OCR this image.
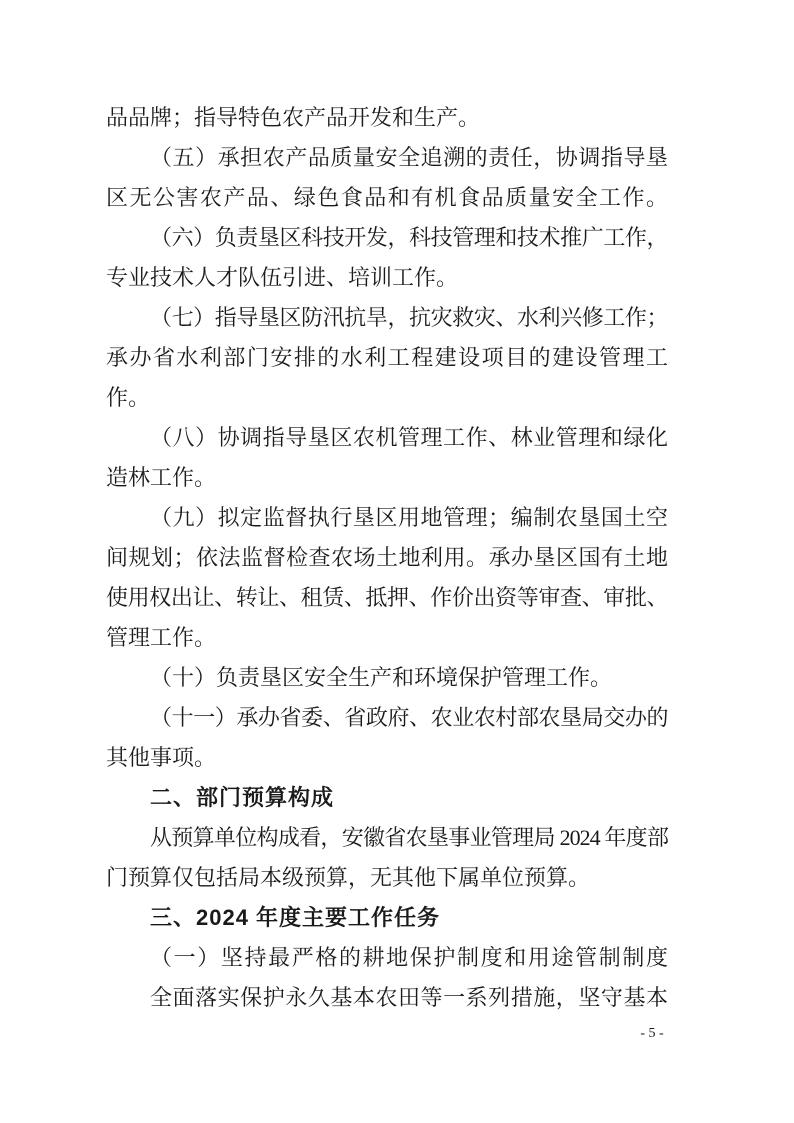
品品牌；指导特色农产品开发和生产。
（五）承担农产品质量安全追溯的责任，协调指导垦
区无公害农产品、绿色食品和有机食品质量安全工作。
（六）负责垦区科技开发，科技管理和技术推广工作，
专业技术人才队伍引进、培训工作。
（七）指导垦区防汛抗旱，抗灾救灾、水利兴修工作；
承办省水利部门安排的水利工程建设项目的建设管理工
作。
（八）协调指导垦区农机管理工作、林业管理和绿化
造林工作。
（九）拟定监督执行垦区用地管理；编制农垦国土空
间规划；依法监督检查农场土地利用。承办垦区国有土地
使用权出让、转让、租赁、抵押、作价出资等审查、审批、
管理工作。
（十）负责垦区安全生产和环境保护管理工作。
（十一）承办省委、省政府、农业农村部农垦局交办的
其他事项。
二、部门预算构成
从预算单位构成看，安徽省农垦事业管理局 2024 年度部
门预算仅包括局本级预算，无其他下属单位预算。
三、2024 年度主要工作任务
（一）坚持最严格的耕地保护制度和用途管制制度
全面落实保护永久基本农田等一系列措施，坚守基本
- 5 -
